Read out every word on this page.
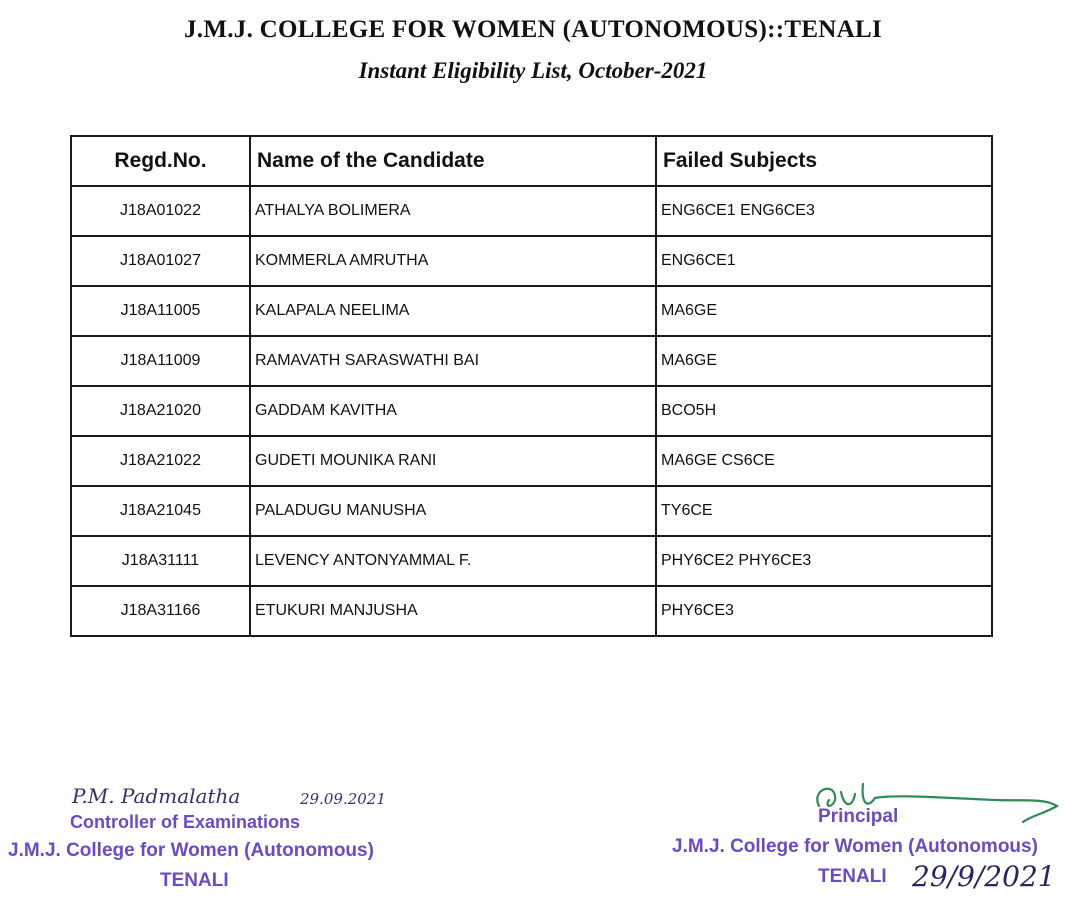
J.M.J. COLLEGE FOR WOMEN (AUTONOMOUS)::TENALI
Instant Eligibility List, October-2021
Regd.No.	Name of the Candidate	Failed Subjects
J18A01022	ATHALYA BOLIMERA	ENG6CE1 ENG6CE3
J18A01027	KOMMERLA AMRUTHA	ENG6CE1
J18A11005	KALAPALA NEELIMA	MA6GE
J18A11009	RAMAVATH SARASWATHI BAI	MA6GE
J18A21020	GADDAM KAVITHA	BCO5H
J18A21022	GUDETI MOUNIKA RANI	MA6GE CS6CE
J18A21045	PALADUGU MANUSHA	TY6CE
J18A31111	LEVENCY ANTONYAMMAL F.	PHY6CE2 PHY6CE3
J18A31166	ETUKURI MANJUSHA	PHY6CE3
P.M. Padmalatha	29.09.2021
Controller of Examinations
J.M.J. College for Women (Autonomous)
TENALI
Principal
J.M.J. College for Women (Autonomous)
TENALI 29/9/2021
